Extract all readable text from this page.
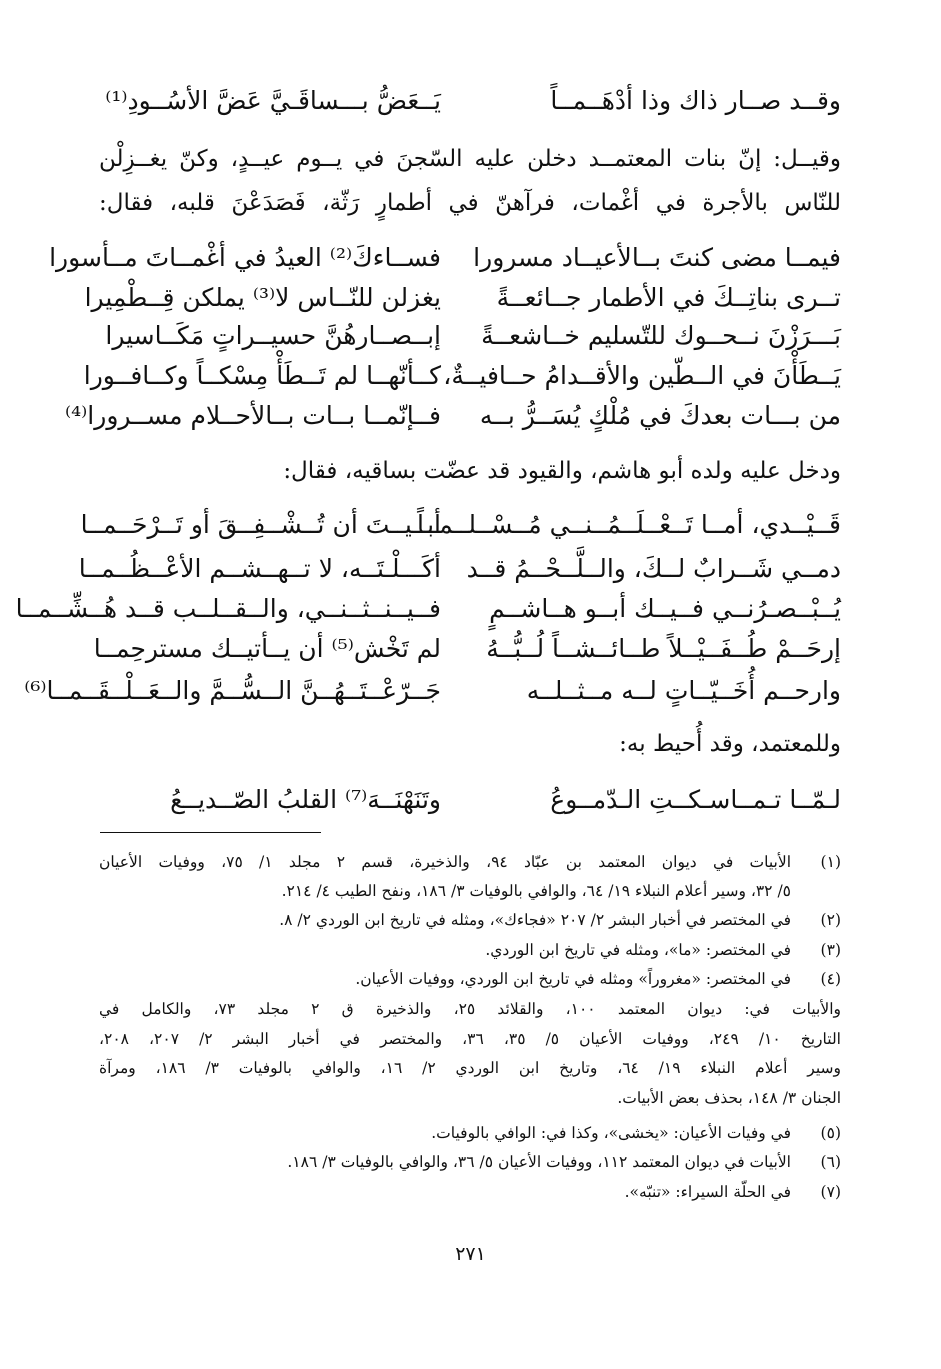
وقــد صــار ذاك وذا أدْهَــمــاً
يَــعَضُّ بـــساقَـيَّ عَضَّ الأسُــودِ⁽¹⁾
وقيــل: إنّ بنات المعتمــد دخلن عليه السّجنَ في يــوم عيــدٍ، وكنّ يغــزِلْن
للنّاس بالأجرة في أغْمات، فرآهنّ في أطمارٍ رَثّة، فَصَدَعْنَ قلبه، فقال:
فيمــا مضى كنتَ بــالأعيــاد مسرورا
فســاءكَ⁽²⁾ العيدُ في أغْمــاتَ مــأسورا
تــرى بناتِــكَ في الأطمار جــائعــةً
يغزلن للنّــاس لا⁽³⁾ يملكن قِــطْمِيرا
بَـــرَزْنَ نــحــوك للتّسليم خــاشعــةً
إبــصــارهُنَّ حسيــراتٍ مَكَــاسيرا
يَــطَأْنَ في الــطّين والأقــدامُ حــافيــةٌ،
كــأنّهــا لم تَــطَأْ مِسْكــاً وكــافــورا
من بـــات بعدكَ في مُلْكٍ يُسَــرُّ بــه
فــإنّمــا بــات بــالأحــلام مســرورا⁽⁴⁾
ودخل عليه ولده أبو هاشم، والقيود قد عضّت بساقيه، فقال:
قَــيْــدي، أمــا تَــعْــلَــمُــنــي مُــسْــلــمــاً
أبــيــتَ أن تُــشْــفِــقَ أو تَــرْحَــمــا
دمــي شَــرابٌ لــكَ، والــلَّــحْــمُ قــد
أكَـــلْـتَــه، لا تــهــشــم الأعْــظُــمــا
يُــبْــصـرُنــي فــيــك أبــو هــاشــمٍ
فــيــنــثــنــي، والــقــلــب قــد هُــشِّــمــا
إرحَــمْ طُــفَــيْــلاً طــائــشــاً لُــبُّــهُ
لم تَخْش⁽⁵⁾ أن يــأتيــك مسترحِمــا
وارحــم أُخَــيّــاتٍ لــه مــثــلــه
جَــرّعْــتَــهُــنَّ الــسُّــمَّ والــعَــلْــقَــمــا⁽⁶⁾
وللمعتمد، وقد أُحيط به:
لـمّــا تـمــاسـكــتِ الـدّمــوعُ
وتَنَهْنَــهَ⁽⁷⁾ القلبُ الصّــديــعُ
(١)
الأبيات في ديوان المعتمد بن عبّاد ٩٤، والذخيرة، قسم ٢ مجلد ١/ ٧٥، ووفيات الأعيان
٥/ ٣٢، وسير أعلام النبلاء ١٩/ ٦٤، والوافي بالوفيات ٣/ ١٨٦، ونفح الطيب ٤/ ٢١٤.
(٢)
في المختصر في أخبار البشر ٢/ ٢٠٧ «فجاءك»، ومثله في تاريخ ابن الوردي ٢/ ٨.
(٣)
في المختصر: «ما»، ومثله في تاريخ ابن الوردي.
(٤)
في المختصر: «مغروراً» ومثله في تاريخ ابن الوردي، ووفيات الأعيان.
والأبيات في: ديوان المعتمد ١٠٠، والقلائد ٢٥، والذخيرة ق ٢ مجلد ٧٣، والكامل في
التاريخ ١٠/ ٢٤٩، ووفيات الأعيان ٥/ ٣٥، ٣٦، والمختصر في أخبار البشر ٢/ ٢٠٧، ٢٠٨،
وسير أعلام النبلاء ١٩/ ٦٤، وتاريخ ابن الوردي ٢/ ١٦، والوافي بالوفيات ٣/ ١٨٦، ومرآة
الجنان ٣/ ١٤٨، بحذف بعض الأبيات.
(٥)
في وفيات الأعيان: «يخشى»، وكذا في: الوافي بالوفيات.
(٦)
الأبيات في ديوان المعتمد ١١٢، ووفيات الأعيان ٥/ ٣٦، والوافي بالوفيات ٣/ ١٨٦.
(٧)
في الحلّة السيراء: «تنبّه».
٢٧١
